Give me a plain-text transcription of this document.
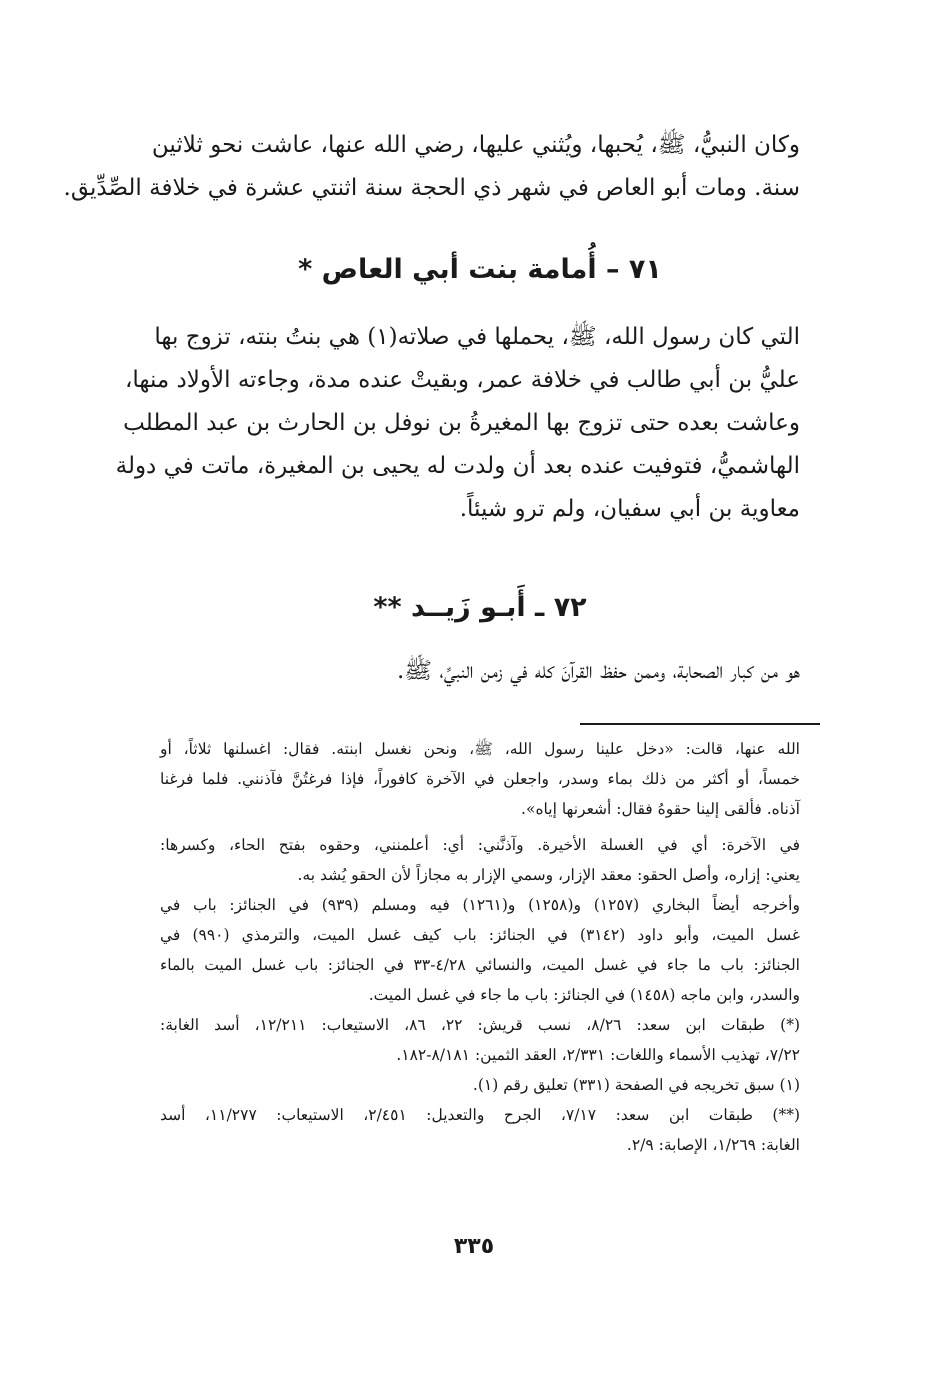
وكان النبيُّ، ﷺ، يُحبها، ويُثني عليها، رضي الله عنها، عاشت نحو ثلاثين
سنة. ومات أبو العاص في شهر ذي الحجة سنة اثنتي عشرة في خلافة الصِّدِّيق.
٧١ – أُمامة بنت أبي العاص *
التي كان رسول الله، ﷺ، يحملها في صلاته(١) هي بنتُ بنته، تزوج بها
عليُّ بن أبي طالب في خلافة عمر، وبقيتْ عنده مدة، وجاءته الأولاد منها،
وعاشت بعده حتى تزوج بها المغيرةُ بن نوفل بن الحارث بن عبد المطلب
الهاشميُّ، فتوفيت عنده بعد أن ولدت له يحيى بن المغيرة، ماتت في دولة
معاوية بن أبي سفيان، ولم ترو شيئاً.
٧٢ ـ أَبـو زَيــد **
هو من كبار الصحابة، وممن حفظ القرآنَ كله في زمن النبيِّ، ﷺ.
الله عنها، قالت: «دخل علينا رسول الله، ﷺ، ونحن نغسل ابنته. فقال: اغسلنها ثلاثاً، أو
خمساً، أو أكثر من ذلك بماء وسدر، واجعلن في الآخرة كافوراً، فإذا فرغتُنَّ فآذنني. فلما فرغنا
آذناه. فألقى إلينا حقوهُ فقال: أشعرنها إياه».
في الآخرة: أي في الغسلة الأخيرة. وآذنَّني: أي: أعلمنني، وحقوه بفتح الحاء، وكسرها:
يعني: إزاره، وأصل الحقو: معقد الإزار، وسمي الإزار به مجازاً لأن الحقو يُشد به.
وأخرجه أيضاً البخاري (١٢٥٧) و(١٢٥٨) و(١٢٦١) فيه ومسلم (٩٣٩) في الجنائز: باب في
غسل الميت، وأبو داود (٣١٤٢) في الجنائز: باب كيف غسل الميت، والترمذي (٩٩٠) في
الجنائز: باب ما جاء في غسل الميت، والنسائي ٤/٢٨-٣٣ في الجنائز: باب غسل الميت بالماء
والسدر، وابن ماجه (١٤٥٨) في الجنائز: باب ما جاء في غسل الميت.
(*) طبقات ابن سعد: ٨/٢٦، نسب قريش: ٢٢، ٨٦، الاستيعاب: ١٢/٢١١، أسد الغابة:
٧/٢٢، تهذيب الأسماء واللغات: ٢/٣٣١، العقد الثمين: ٨/١٨١-١٨٢.
(١) سبق تخريجه في الصفحة (٣٣١) تعليق رقم (١).
(**) طبقات ابن سعد: ٧/١٧، الجرح والتعديل: ٢/٤٥١، الاستيعاب: ١١/٢٧٧، أسد
الغابة: ١/٢٦٩، الإصابة: ٢/٩.
٣٣٥
